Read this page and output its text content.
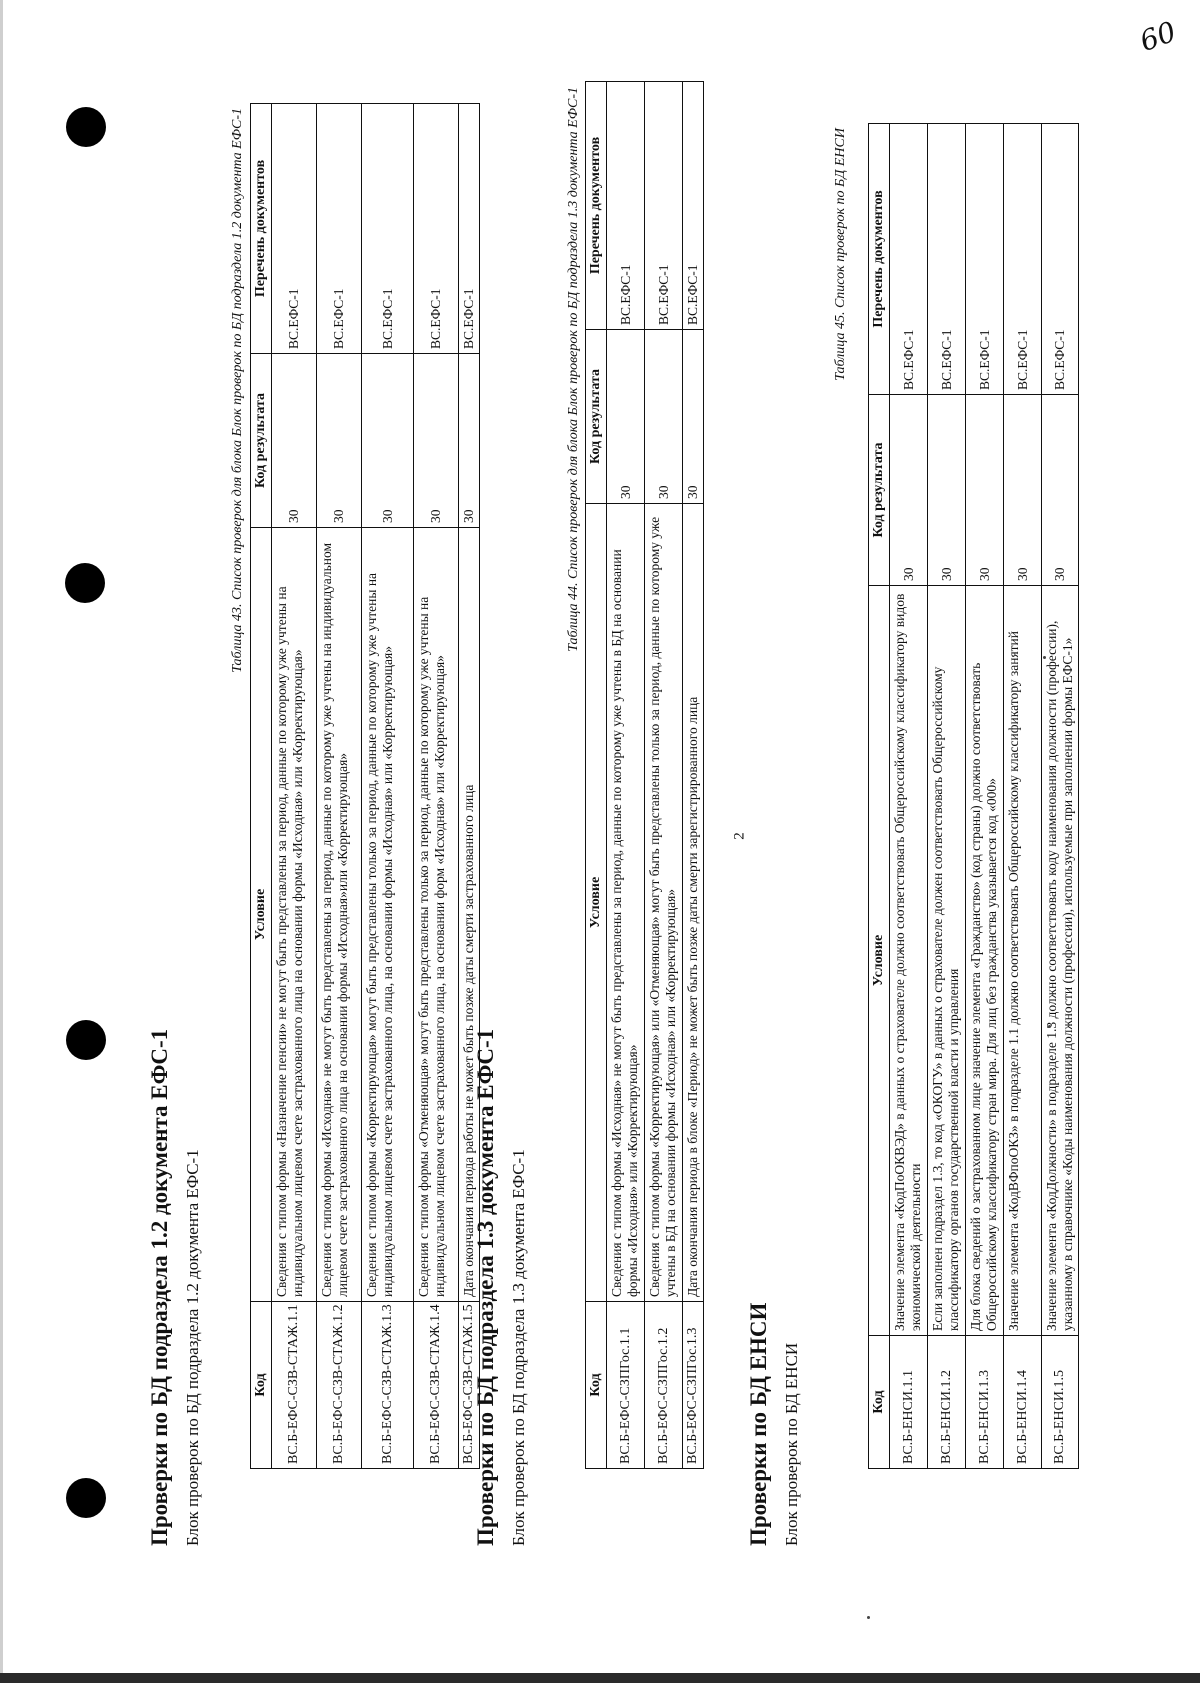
60
2

Проверки по БД подраздела 1.2 документа ЕФС-1 Блок проверок по БД подраздела 1.2 документа ЕФС-1

Таблица 43. Список проверок для блока Блок проверок по БД подраздела 1.2 документа ЕФС-1
Код	Условие	Код результата	Перечень документов
ВС.Б-ЕФС-СЗВ-СТАЖ.1.1	Сведения с типом формы «Назначение пенсии» не могут быть представлены за период, данные по которому уже учтены на индивидуальном лицевом счете застрахованного лица на основании формы «Исходная» или «Корректирующая»	30	ВС.ЕФС-1
ВС.Б-ЕФС-СЗВ-СТАЖ.1.2	Сведения с типом формы «Исходная» не могут быть представлены за период, данные по которому уже учтены на индивидуальном лицевом счете застрахованного лица на основании формы «Исходная»или «Корректирующая»	30	ВС.ЕФС-1
ВС.Б-ЕФС-СЗВ-СТАЖ.1.3	Сведения с типом формы «Корректирующая» могут быть представлены только за период, данные по которому уже учтены на индивидуальном лицевом счете застрахованного лица, на основании формы «Исходная» или «Корректирующая»	30	ВС.ЕФС-1
ВС.Б-ЕФС-СЗВ-СТАЖ.1.4	Сведения с типом формы «Отменяющая» могут быть представлены только за период, данные по которому уже учтены на индивидуальном лицевом счете застрахованного лица, на основании форм «Исходная» или «Корректирующая»	30	ВС.ЕФС-1
ВС.Б-ЕФС-СЗВ-СТАЖ.1.5	Дата окончания периода работы не может быть позже даты смерти застрахованного лица	30	ВС.ЕФС-1

Проверки по БД подраздела 1.3 документа ЕФС-1 Блок проверок по БД подраздела 1.3 документа ЕФС-1

Таблица 44. Список проверок для блока Блок проверок по БД подраздела 1.3 документа ЕФС-1
Код	Условие	Код результата	Перечень документов
ВС.Б-ЕФС-СЗПГос.1.1	Сведения с типом формы «Исходная» не могут быть представлены за период, данные по которому уже учтены в БД на основании формы «Исходная» или «Корректирующая»	30	ВС.ЕФС-1
ВС.Б-ЕФС-СЗПГос.1.2	Сведения с типом формы «Корректирующая» или «Отменяющая» могут быть представлены только за период, данные по которому уже учтены в БД на основании формы «Исходная» или «Корректирующая»	30	ВС.ЕФС-1
ВС.Б-ЕФС-СЗПГос.1.3	Дата окончания периода в блоке «Период» не может быть позже даты смерти зарегистрированного лица	30	ВС.ЕФС-1

Проверки по БД ЕНСИ Блок проверок по БД ЕНСИ

Таблица 45. Список проверок по БД ЕНСИ
Код	Условие	Код результата	Перечень документов
ВС.Б-ЕНСИ.1.1	Значение элемента «КодПоОКВЭД» в данных о страхователе должно соответствовать Общероссийскому классификатору видов экономической деятельности	30	ВС.ЕФС-1
ВС.Б-ЕНСИ.1.2	Если заполнен подраздел 1.3, то код «ОКОГУ» в данных о страхователе должен соответствовать Общероссийскому классификатору органов государственной власти и управления	30	ВС.ЕФС-1
ВС.Б-ЕНСИ.1.3	Для блока сведений о застрахованном лице значение элемента «Гражданство» (код страны) должно соответствовать Общероссийскому классификатору стран мира. Для лиц без гражданства указывается код «000»	30	ВС.ЕФС-1
ВС.Б-ЕНСИ.1.4	Значение элемента «КодВФпоОКЗ» в подразделе 1.1 должно соответствовать Общероссийскому классификатору занятий	30	ВС.ЕФС-1
ВС.Б-ЕНСИ.1.5	Значение элемента «КодДолжности» в подразделе 1.3 должно соответствовать коду наименования должности (профессии), указанному в справочнике «Коды наименования должности (профессии), используемые при заполнении формы ЕФС-1»	30	ВС.ЕФС-1
